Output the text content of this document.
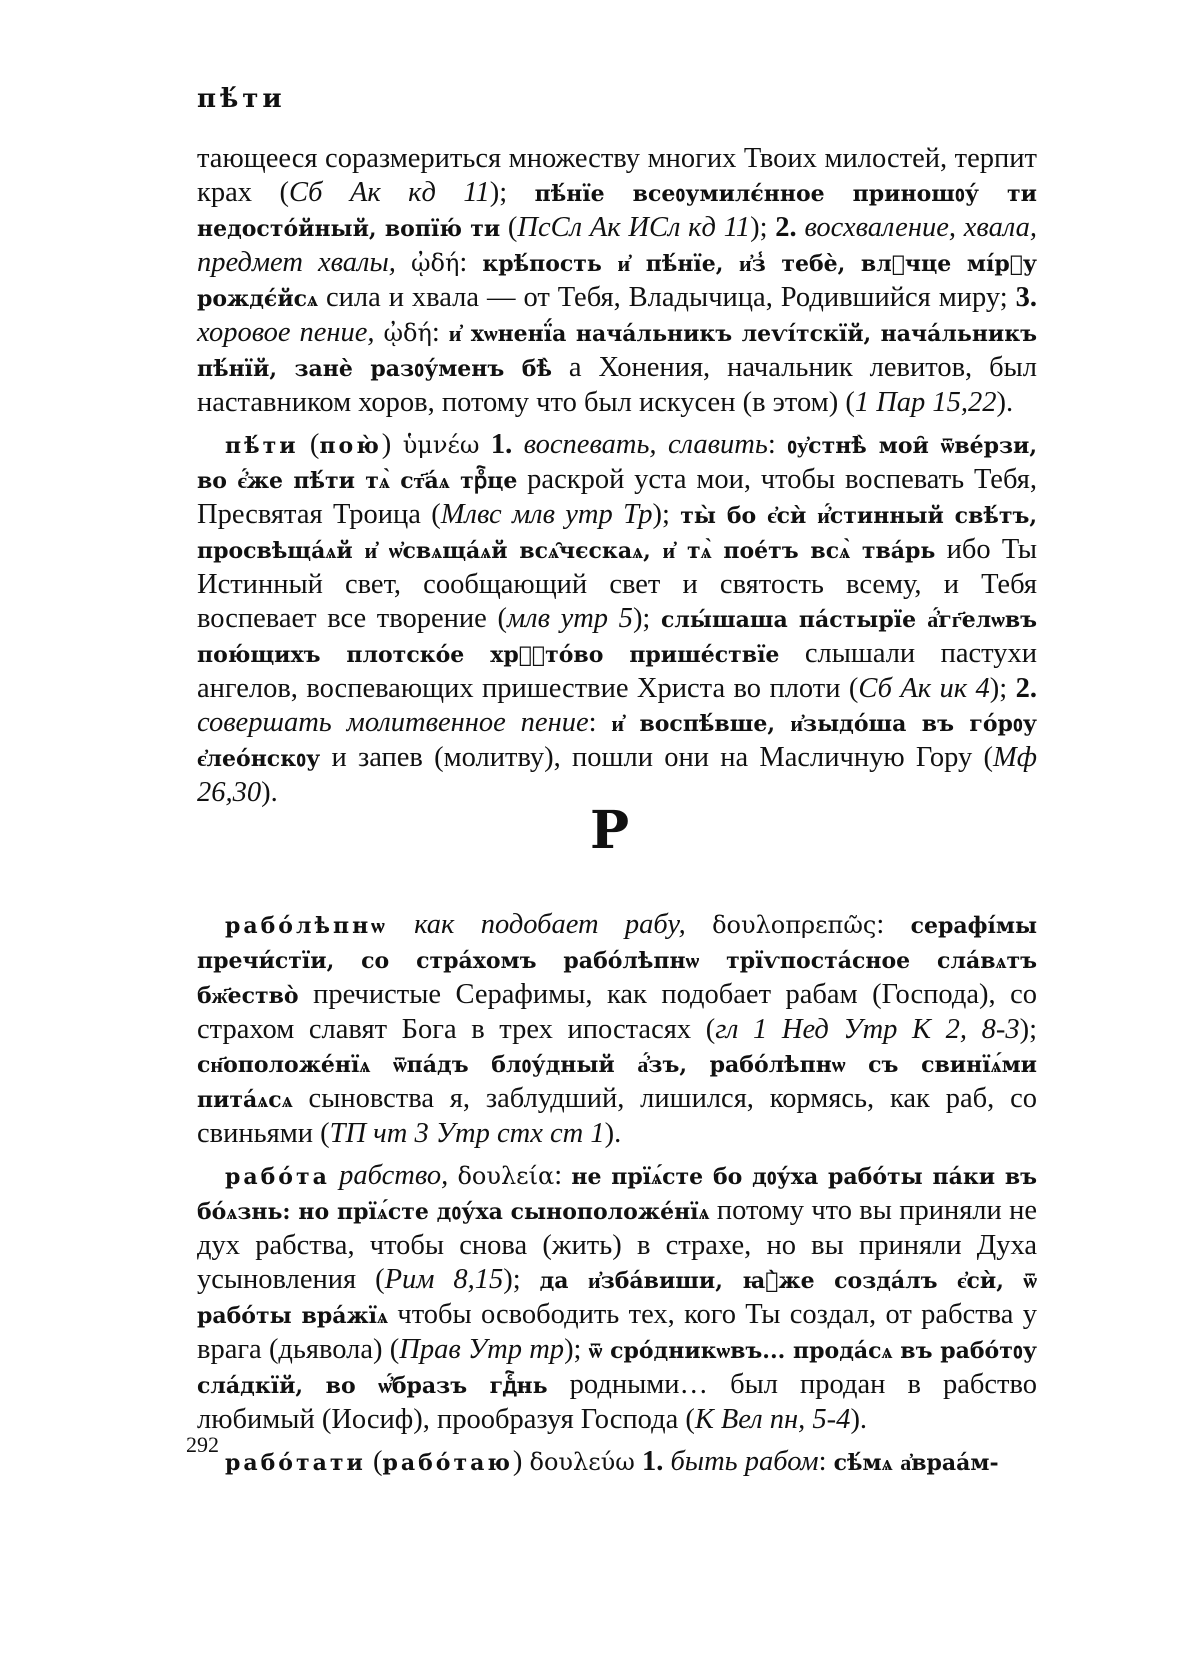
пѣ́ти

тающееся соразмериться множеству многих Твоих милостей, терпит крах (Сб Ак кд 11); пѣ́нїе всеᲂумилє́нное приношᲂу́ ти недосто́йный, вопїю́ ти (ПсСл Ак ИСл кд 11); 2. восхваление, хвала, предмет хвалы, ᾠδή: крѣ́пость и҆ пѣ́нїе, и҆з̾ тебѐ, влⷣчце мі́рᲂу рождє́йсѧ сила и хвала — от Тебя, Владычица, Родившийся миру; 3. хоровое пение, ᾠδή: и҆ хѡненї́а нача́льникъ леѵі́тскїй, нача́льникъ пѣ́нїй, занѐ разᲂу́менъ бѣ̀ а Хонения, начальник левитов, был наставником хоров, потому что был искусен (в этом) (1 Пар 15,22).

пѣ́ти (пою̀) ὑμνέω 1. воспевать, славить: ᲂу҆стнѣ̀ мои̑ ѿве́рзи, во є҆́же пѣ́ти тѧ̀ ст҃а́ѧ трⷪ҇це раскрой уста мои, чтобы воспевать Тебя, Пресвятая Троица (Млвс млв утр Тр); ты̀ бо є҆сѝ и҆́стинный свѣ́тъ, просвѣща́ѧй и҆ ѡ҆свѧща́ѧй всѧ̑чєскаѧ, и҆ тѧ̀ пое́тъ всѧ̀ тва́рь ибо Ты Истинный свет, сообщающий свет и святость всему, и Тебя воспевает все творение (млв утр 5); слы́шаша па́стырїе а҆́гг҃елѡвъ пою́щихъ плотско́е хрⷭ҇то́во прише́ствїе слышали пастухи ангелов, воспевающих пришествие Христа во плоти (Сб Ак ик 4); 2. совершать молитвенное пение: и҆ воспѣ́вше, и҆зыдо́ша въ го́рᲂу є҆лео́нскᲂу и запев (молитву), пошли они на Масличную Гору (Мф 26,30).

Р

рабо́лѣпнѡ как подобает рабу, δουλοπρεπῶς: серафі́мы пречи́стїи, со стра́хомъ рабо́лѣпнѡ трїѵпоста́сное сла́вѧтъ бж҃ество̀ пречистые Серафимы, как подобает рабам (Господа), со страхом славят Бога в трех ипостасях (гл 1 Нед Утр К 2, 8-3); сн҃оположе́нїѧ ѿпа́дъ блᲂу́дный а҆́зъ, рабо́лѣпнѡ съ свинїѧ́ми пита́ѧсѧ сыновства я, заблудший, лишился, кормясь, как раб, со свиньями (ТП чт 3 Утр стх ст 1).

рабо́та рабство, δουλεία: не прїѧ́сте бо дᲂу́ха рабо́ты па́ки въ бо́ѧзнь: но прїѧ́сте дᲂу́ха сыноположе́нїѧ потому что вы приняли не дух рабства, чтобы снова (жить) в страхе, но вы приняли Духа усыновления (Рим 8,15); да и҆зба́виши, ꙗ҆̀же созда́лъ є҆сѝ, ѿ рабо́ты вра́жїѧ чтобы освободить тех, кого Ты создал, от рабства у врага (дьявола) (Прав Утр тр); ѿ сро́дникѡвъ... прода́сѧ въ рабо́тᲂу сла́дкїй, во ѡ҆́бразъ гдⷭ҇нь родными… был продан в рабство любимый (Иосиф), прообразуя Господа (К Вел пн, 5-4).

рабо́тати (рабо́таю) δουλεύω 1. быть рабом: сѣ́мѧ а҆враа́м-

292
